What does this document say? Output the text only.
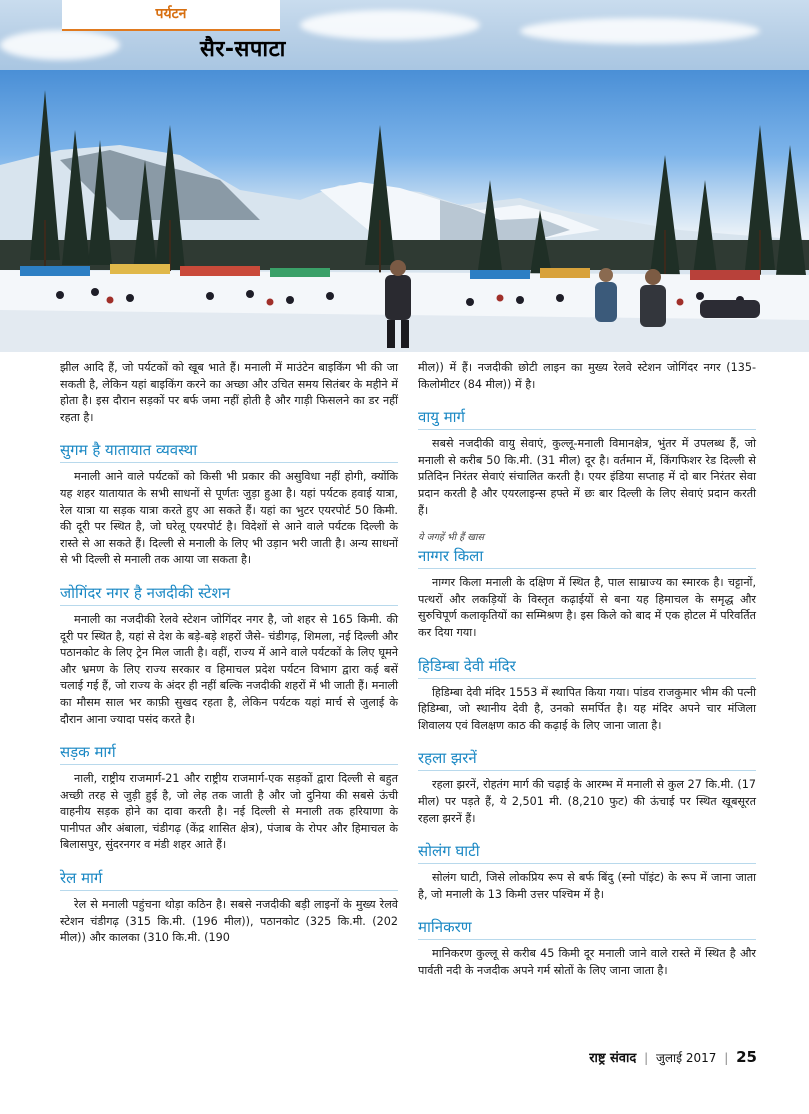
पर्यटन
सैर-सपाटा

झील आदि हैं, जो पर्यटकों को खूब भाते हैं। मनाली में माउंटेन बाइकिंग भी की जा सकती है, लेकिन यहां बाइकिंग करने का अच्छा और उचित समय सितंबर के महीने में होता है। इस दौरान सड़कों पर बर्फ जमा नहीं होती है और गाड़ी फिसलने का डर नहीं रहता है।

सुगम है यातायात व्यवस्था

मनाली आने वाले पर्यटकों को किसी भी प्रकार की असुविधा नहीं होगी, क्योंकि यह शहर यातायात के सभी साधनों से पूर्णतः जुड़ा हुआ है। यहां पर्यटक हवाई यात्रा, रेल यात्रा या सड़क यात्रा करते हुए आ सकते हैं। यहां का भुटर एयरपोर्ट 50 किमी. की दूरी पर स्थित है, जो घरेलू एयरपोर्ट है। विदेशों से आने वाले पर्यटक दिल्ली के रास्ते से आ सकते हैं। दिल्ली से मनाली के लिए भी उड़ान भरी जाती है। अन्य साधनों से भी दिल्ली से मनाली तक आया जा सकता है।

जोगिंदर नगर है नजदीकी स्टेशन

मनाली का नजदीकी रेलवे स्टेशन जोगिंदर नगर है, जो शहर से 165 किमी. की दूरी पर स्थित है, यहां से देश के बड़े-बड़े शहरों जैसे- चंडीगढ़, शिमला, नई दिल्ली और पठानकोट के लिए ट्रेन मिल जाती है। वहीं, राज्य में आने वाले पर्यटकों के लिए घूमने और भ्रमण के लिए राज्य सरकार व हिमाचल प्रदेश पर्यटन विभाग द्वारा कई बसें चलाई गई हैं, जो राज्य के अंदर ही नहीं बल्कि नजदीकी शहरों में भी जाती हैं। मनाली का मौसम साल भर काफ़ी सुखद रहता है, लेकिन पर्यटक यहां मार्च से जुलाई के दौरान आना ज्यादा पसंद करते है।

सड़क मार्ग

नाली, राष्ट्रीय राजमार्ग-21 और राष्ट्रीय राजमार्ग-एक सड़कों द्वारा दिल्ली से बहुत अच्छी तरह से जुड़ी हुई है, जो लेह तक जाती है और जो दुनिया की सबसे ऊंची वाहनीय सड़क होने का दावा करती है। नई दिल्ली से मनाली तक हरियाणा के पानीपत और अंबाला, चंडीगढ़ (केंद्र शासित क्षेत्र), पंजाब के रोपर और हिमाचल के बिलासपुर, सुंदरनगर व मंडी शहर आते हैं।

रेल मार्ग

रेल से मनाली पहुंचना थोड़ा कठिन है। सबसे नजदीकी बड़ी लाइनों के मुख्य रेलवे स्टेशन चंडीगढ़ (315 कि.मी. (196 मील)), पठानकोट (325 कि.मी. (202 मील)) और कालका (310 कि.मी. (190

मील)) में हैं। नजदीकी छोटी लाइन का मुख्य रेलवे स्टेशन जोगिंदर नगर (135-किलोमीटर (84 मील)) में है।

वायु मार्ग

सबसे नजदीकी वायु सेवाएं, कुल्लू-मनाली विमानक्षेत्र, भुंतर में उपलब्ध हैं, जो मनाली से करीब 50 कि.मी. (31 मील) दूर है। वर्तमान में, किंगफिशर रेड दिल्ली से प्रतिदिन निरंतर सेवाएं संचालित करती है। एयर इंडिया सप्ताह में दो बार निरंतर सेवा प्रदान करती है और एयरलाइन्स हफ्ते में छः बार दिल्ली के लिए सेवाएं प्रदान करती हैं।

ये जगहें भी हैं खास
नाग्गर किला

नाग्गर किला मनाली के दक्षिण में स्थित है, पाल साम्राज्य का स्मारक है। चट्टानों, पत्थरों और लकड़ियों के विस्तृत कढ़ाईयों से बना यह हिमाचल के समृद्ध और सुरुचिपूर्ण कलाकृतियों का सम्मिश्रण है। इस किले को बाद में एक होटल में परिवर्तित कर दिया गया।

हिडिम्बा देवी मंदिर

हिडिम्बा देवी मंदिर 1553 में स्थापित किया गया। पांडव राजकुमार भीम की पत्नी हिडिम्बा, जो स्थानीय देवी है, उनको समर्पित है। यह मंदिर अपने चार मंजिला शिवालय एवं विलक्षण काठ की कढ़ाई के लिए जाना जाता है।

रहला झरनें

रहला झरनें, रोहतंग मार्ग की चढ़ाई के आरम्भ में मनाली से कुल 27 कि.मी. (17 मील) पर पड़ते हैं, ये 2,501 मी. (8,210 फुट) की ऊंचाई पर स्थित खूबसूरत रहला झरनें हैं।

सोलंग घाटी

सोलंग घाटी, जिसे लोकप्रिय रूप से बर्फ बिंदु (स्नो पॉइंट) के रूप में जाना जाता है, जो मनाली के 13 किमी उत्तर पश्चिम में है।

मानिकरण

मानिकरण कुल्लू से करीब 45 किमी दूर मनाली जाने वाले रास्ते में स्थित है और पार्वती नदी के नजदीक अपने गर्म स्रोतों के लिए जाना जाता है।

राष्ट्र संवाद | जुलाई 2017 | 25
